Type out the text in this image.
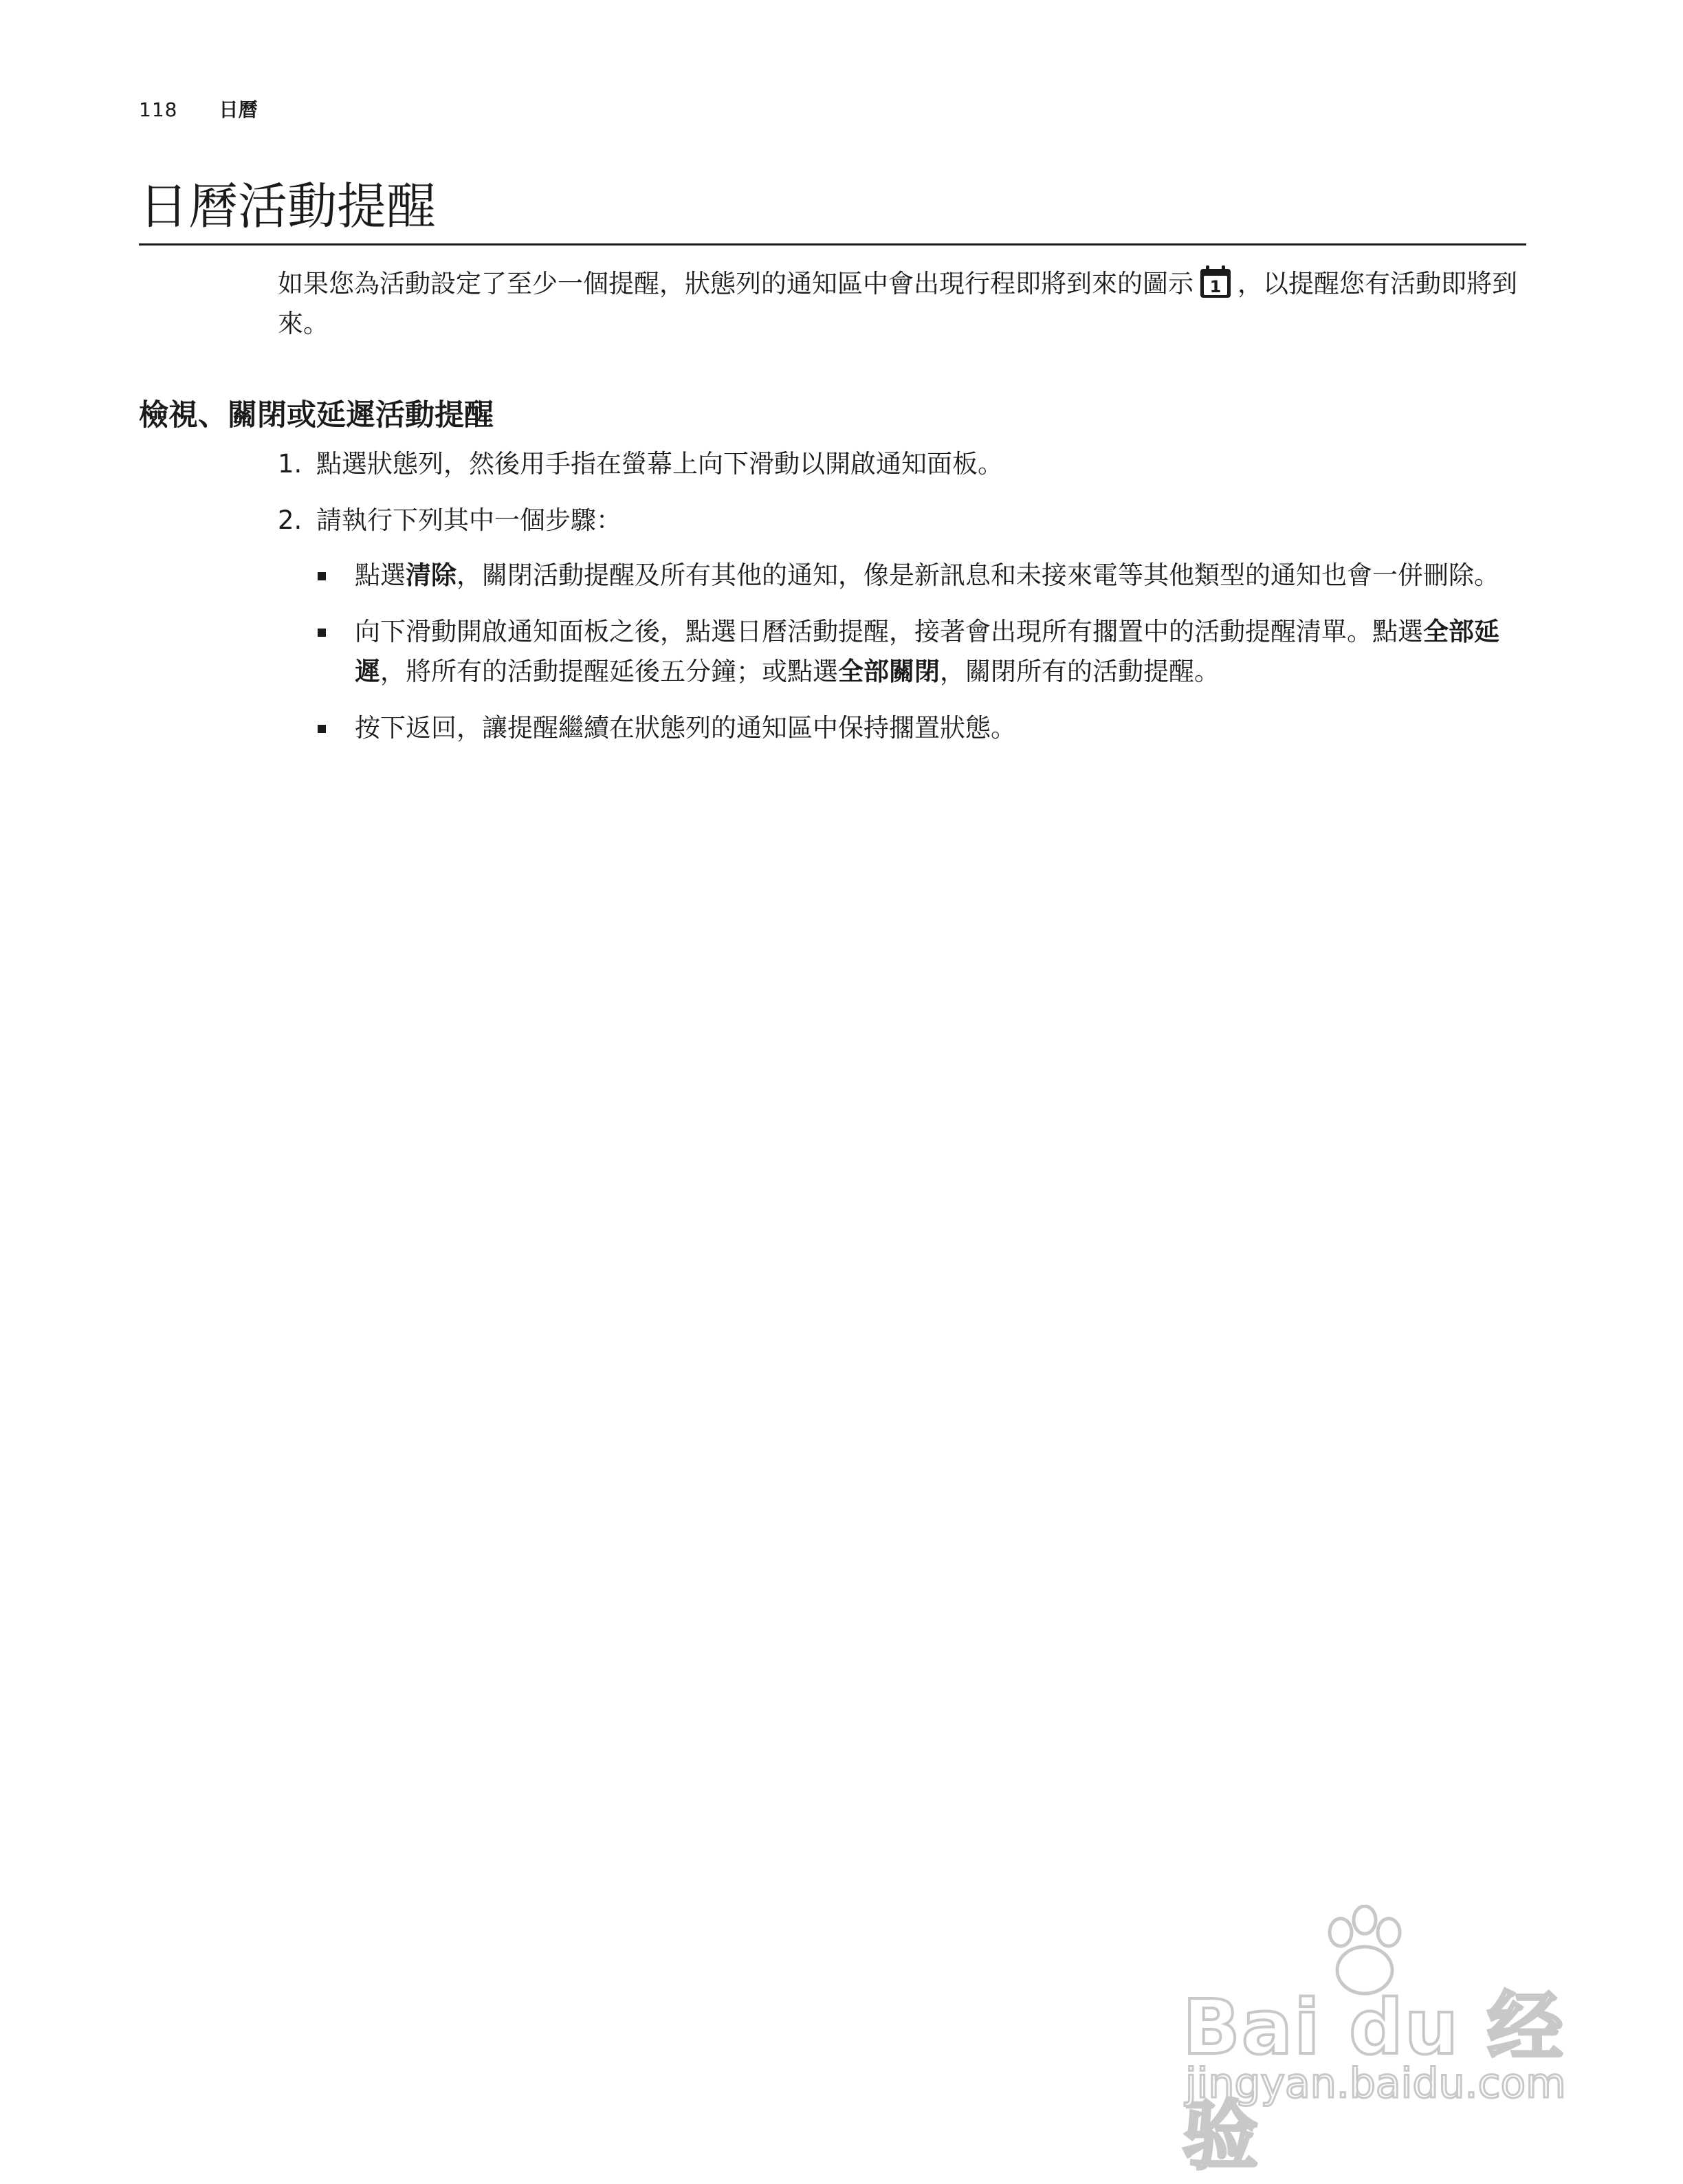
118 日曆
日曆活動提醒

如果您為活動設定了至少一個提醒，狀態列的通知區中會出現行程即將到來的圖示 1 ，以提醒您有活動即將到來。

檢視、關閉或延遲活動提醒
1. 點選狀態列，然後用手指在螢幕上向下滑動以開啟通知面板。
2. 請執行下列其中一個步驟：
點選清除，關閉活動提醒及所有其他的通知，像是新訊息和未接來電等其他類型的通知也會一併刪除。
向下滑動開啟通知面板之後，點選日曆活動提醒，接著會出現所有擱置中的活動提醒清單。點選全部延遲，將所有的活動提醒延後五分鐘；或點選全部關閉，關閉所有的活動提醒。
按下返回，讓提醒繼續在狀態列的通知區中保持擱置狀態。
Bai du 经验
jingyan.baidu.com
